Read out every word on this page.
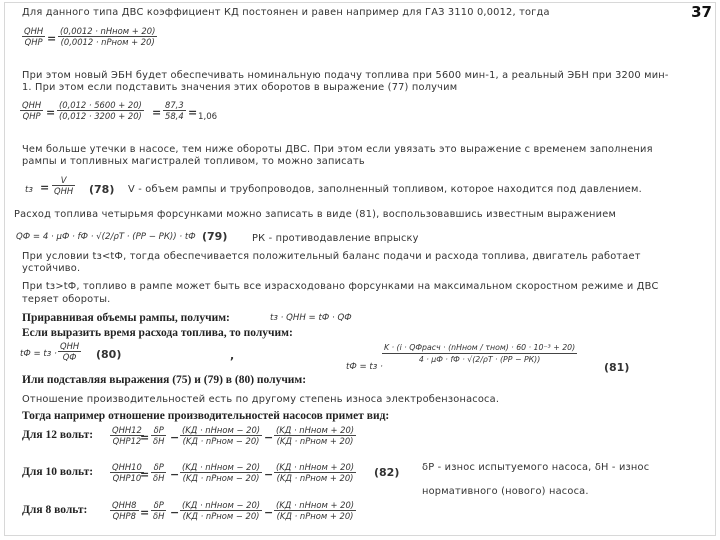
37
Для данного типа ДВС коэффициент КД постоянен и равен например для ГАЗ 3110 0,0012, тогда
QHH
QHP =
(0,0012 · nHном + 20)
(0,0012 · nPном + 20)
При этом новый ЭБН будет обеспечивать номинальную подачу топлива при 5600 мин-1, а реальный ЭБН при 3200 мин-
1. При этом если подставить значения этих оборотов в выражение (77) получим
QHH
QHP = $\frac{(0,012 \cdot 5600 + 20)}{(0,012 \cdot 3200 + 20)} = \frac{87,3}{58,4} = 1,06$
Чем больше утечки в насосе, тем ниже обороты ДВС. При этом если увязать это выражение с временем заполнения
рампы и топливных магистралей топливом, то можно записать
tз =
V
QНН (78) V - объем рампы и трубопроводов, заполненный топливом, которое находится под давлением.
Расход топлива четырьмя форсунками можно записать в виде (81), воспользовавшись известным выражением
QФ = 4 · μФ · fФ · √(2/ρТ · (PP − PК)) · tФ (79)	PК - противодавление впрыску
При условии tз<tФ, тогда обеспечивается положительный баланс подачи и расхода топлива, двигатель работает
устойчиво.
При tз>tФ, топливо в рампе может быть все израсходовано форсунками на максимальном скоростном режиме и ДВС
теряет обороты.
Приравнивая объемы рампы, получим:	tз · QНН = tФ · QФ
Если выразить время расхода топлива, то получим:
tФ = tз ·
QНН
QФ	(80)	,
tФ = tз ·
K · (i · QФрасч · (nНном / τном) · 60 · 10⁻³ + 20)
4 · μФ · fФ · √(2/ρТ · (PP − PК))
(81)
Или подставляя выражения (75) и (79) в (80) получим:
Отношение производительностей есть по другому степень износа электробензонасоса.
Тогда например отношение производительностей насосов примет вид:
Для 12 вольт: QНН12
QНР12
= $\frac{\delta P}{\delta H}$ −
(KД · nНном − 20)
(KД · nPном − 20) −
(KД · nНном + 20)
(KД · nPном + 20)
Для 10 вольт: QНН10
QНР10
= $\frac{\delta P}{\delta H}$ −
(KД · nНном − 20)
(KД · nPном − 20) −
(KД · nНном + 20)
(KД · nPном + 20)
Для 8 вольт:	QНН8
$QНР8 = \frac{\delta P}{\delta H}$ −
(KД · nНном − 20)
(KД · nPном − 20) −
(KД · nНном + 20)
(KД · nPном + 20)
(82) δР - износ испытуемого насоса, δН - износ
нормативного (нового) насоса.
